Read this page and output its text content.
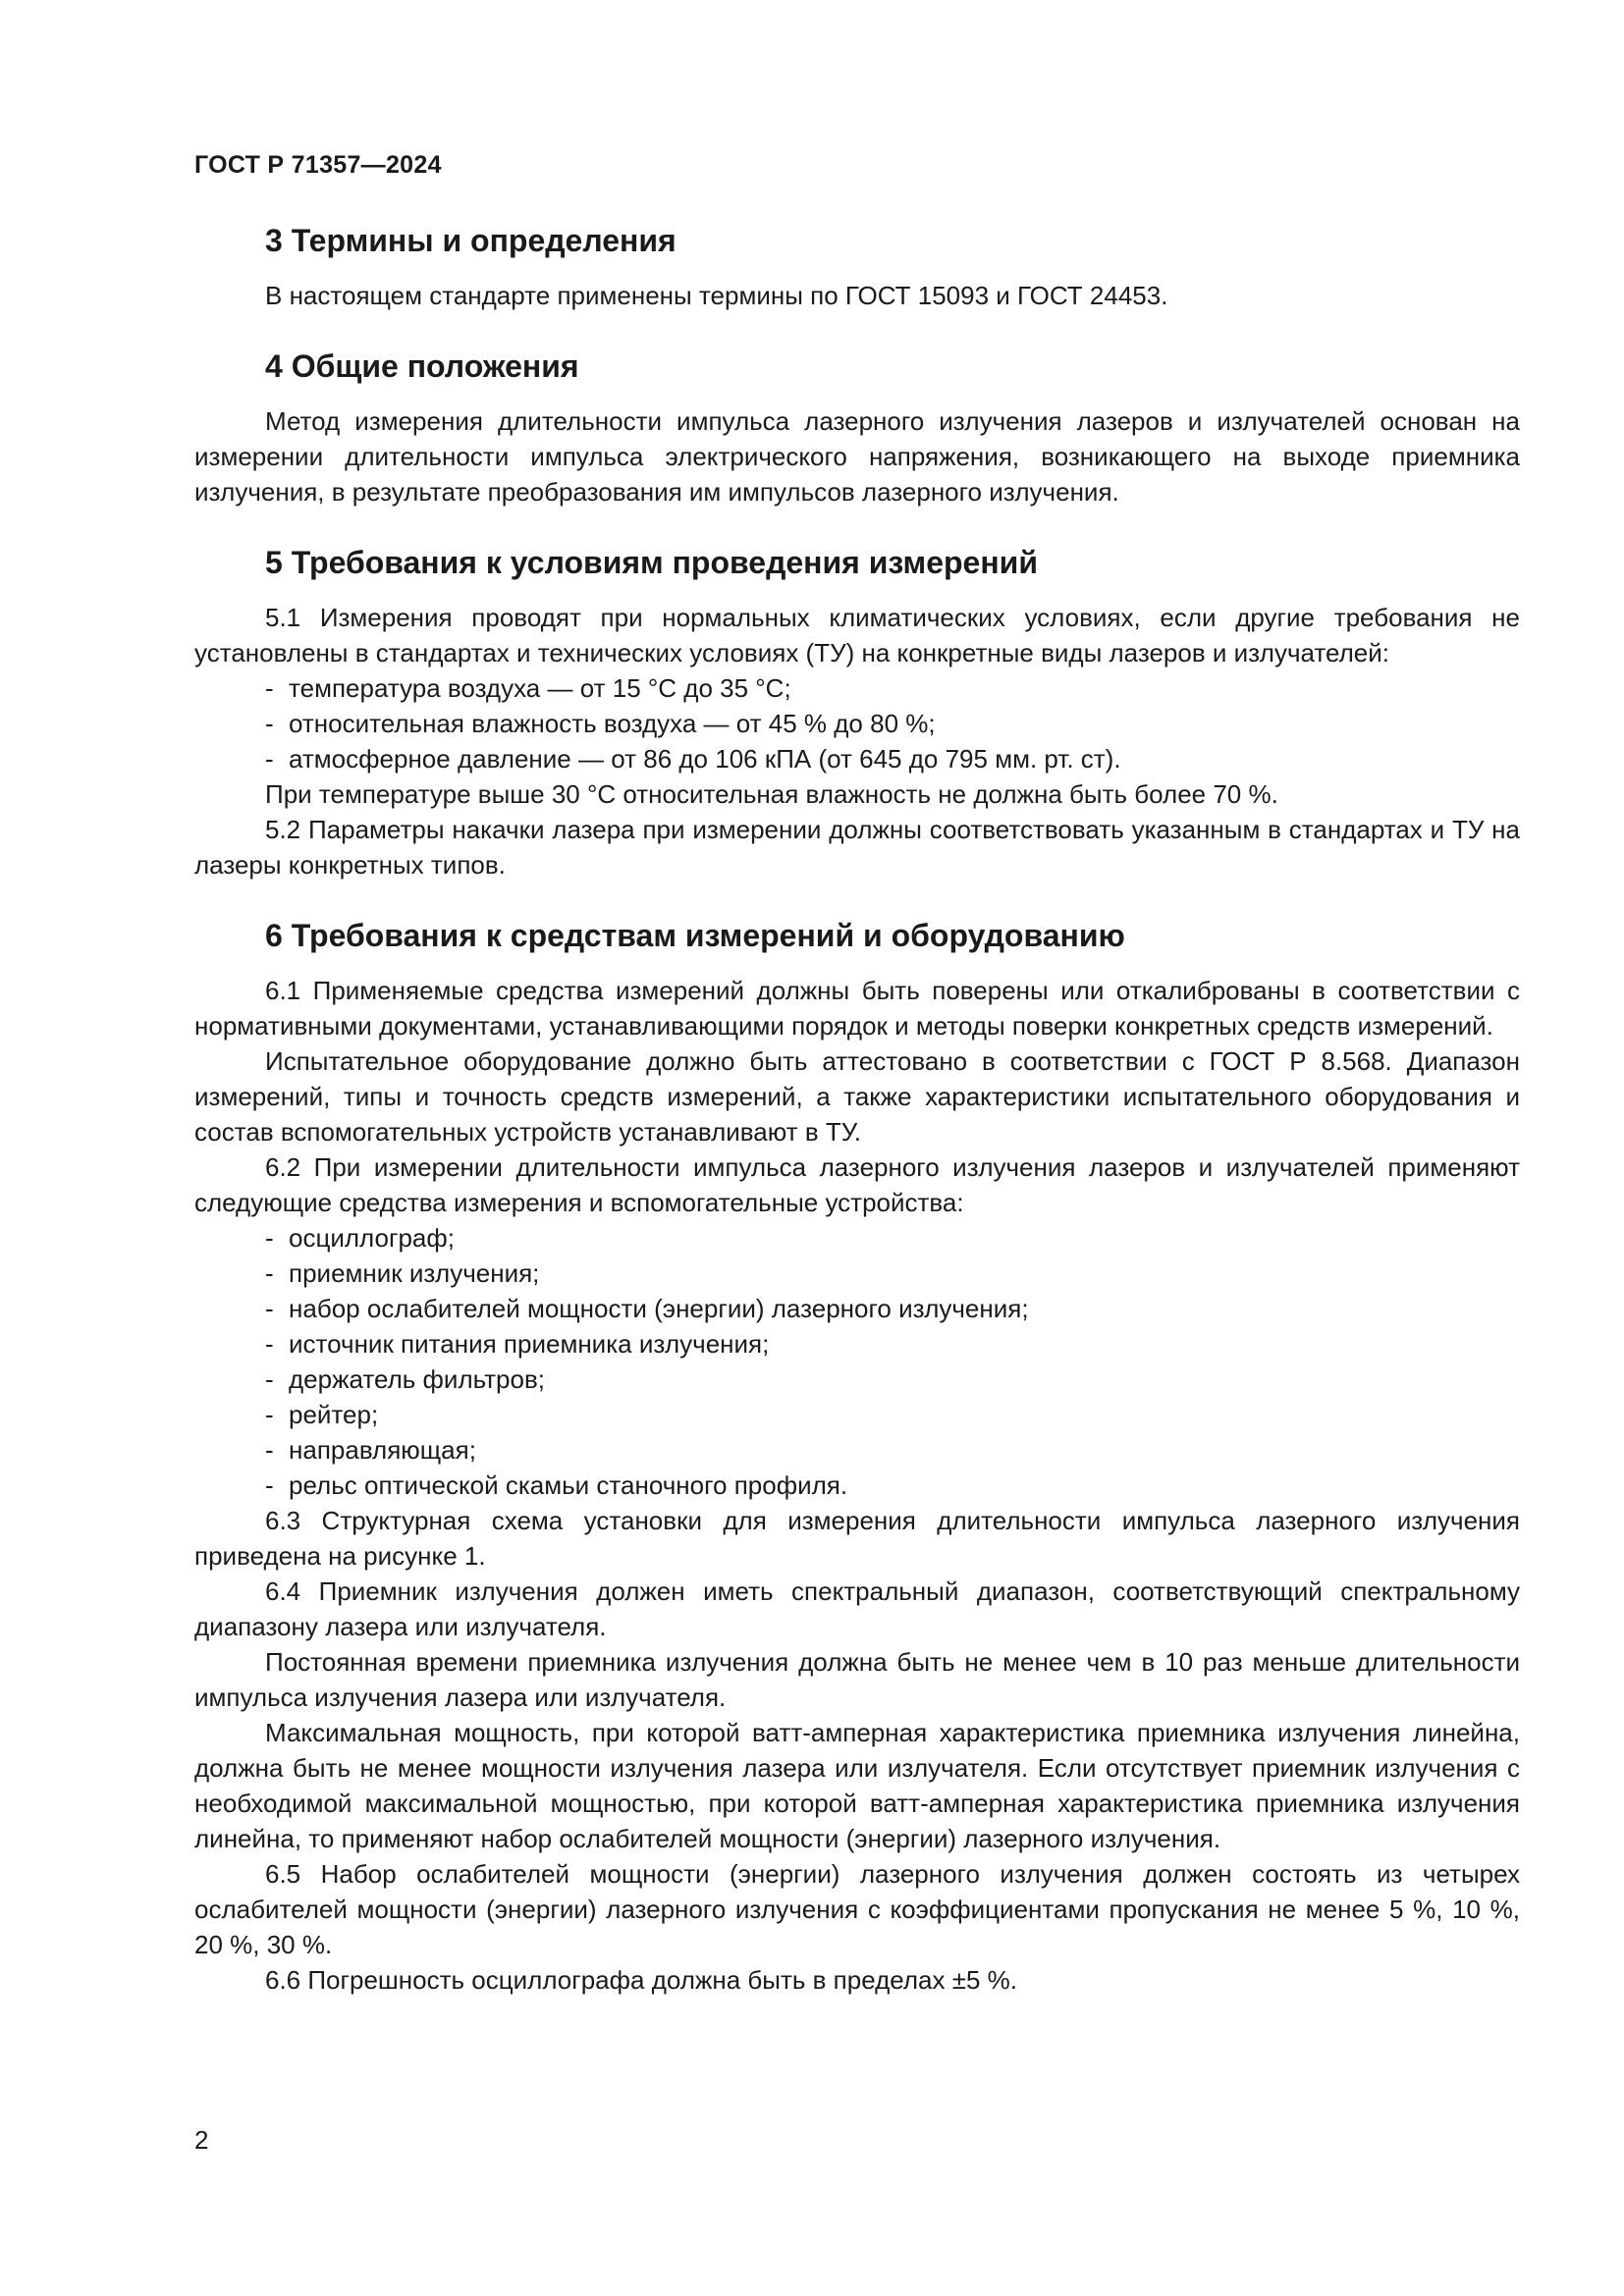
ГОСТ Р 71357—2024
3 Термины и определения

В настоящем стандарте применены термины по ГОСТ 15093 и ГОСТ 24453.

4 Общие положения

Метод измерения длительности импульса лазерного излучения лазеров и излучателей основан на измерении длительности импульса электрического напряжения, возникающего на выходе приемника излучения, в результате преобразования им импульсов лазерного излучения.

5 Требования к условиям проведения измерений

5.1 Измерения проводят при нормальных климатических условиях, если другие требования не установлены в стандартах и технических условиях (ТУ) на конкретные виды лазеров и излучателей:

- температура воздуха — от 15 °С до 35 °С;
- относительная влажность воздуха — от 45 % до 80 %;
- атмосферное давление — от 86 до 106 кПА (от 645 до 795 мм. рт. ст).

При температуре выше 30 °С относительная влажность не должна быть более 70 %.

5.2 Параметры накачки лазера при измерении должны соответствовать указанным в стандартах и ТУ на лазеры конкретных типов.

6 Требования к средствам измерений и оборудованию

6.1 Применяемые средства измерений должны быть поверены или откалиброваны в соответствии с нормативными документами, устанавливающими порядок и методы поверки конкретных средств измерений.

Испытательное оборудование должно быть аттестовано в соответствии с ГОСТ Р 8.568. Диапазон измерений, типы и точность средств измерений, а также характеристики испытательного оборудования и состав вспомогательных устройств устанавливают в ТУ.

6.2 При измерении длительности импульса лазерного излучения лазеров и излучателей применяют следующие средства измерения и вспомогательные устройства:

- осциллограф;
- приемник излучения;
- набор ослабителей мощности (энергии) лазерного излучения;
- источник питания приемника излучения;
- держатель фильтров;
- рейтер;
- направляющая;
- рельс оптической скамьи станочного профиля.

6.3 Структурная схема установки для измерения длительности импульса лазерного излучения приведена на рисунке 1.

6.4 Приемник излучения должен иметь спектральный диапазон, соответствующий спектральному диапазону лазера или излучателя.

Постоянная времени приемника излучения должна быть не менее чем в 10 раз меньше длительности импульса излучения лазера или излучателя.

Максимальная мощность, при которой ватт-амперная характеристика приемника излучения линейна, должна быть не менее мощности излучения лазера или излучателя. Если отсутствует приемник излучения с необходимой максимальной мощностью, при которой ватт-амперная характеристика приемника излучения линейна, то применяют набор ослабителей мощности (энергии) лазерного излучения.

6.5 Набор ослабителей мощности (энергии) лазерного излучения должен состоять из четырех ослабителей мощности (энергии) лазерного излучения с коэффициентами пропускания не менее 5 %, 10 %, 20 %, 30 %.

6.6 Погрешность осциллографа должна быть в пределах ±5 %.

2
